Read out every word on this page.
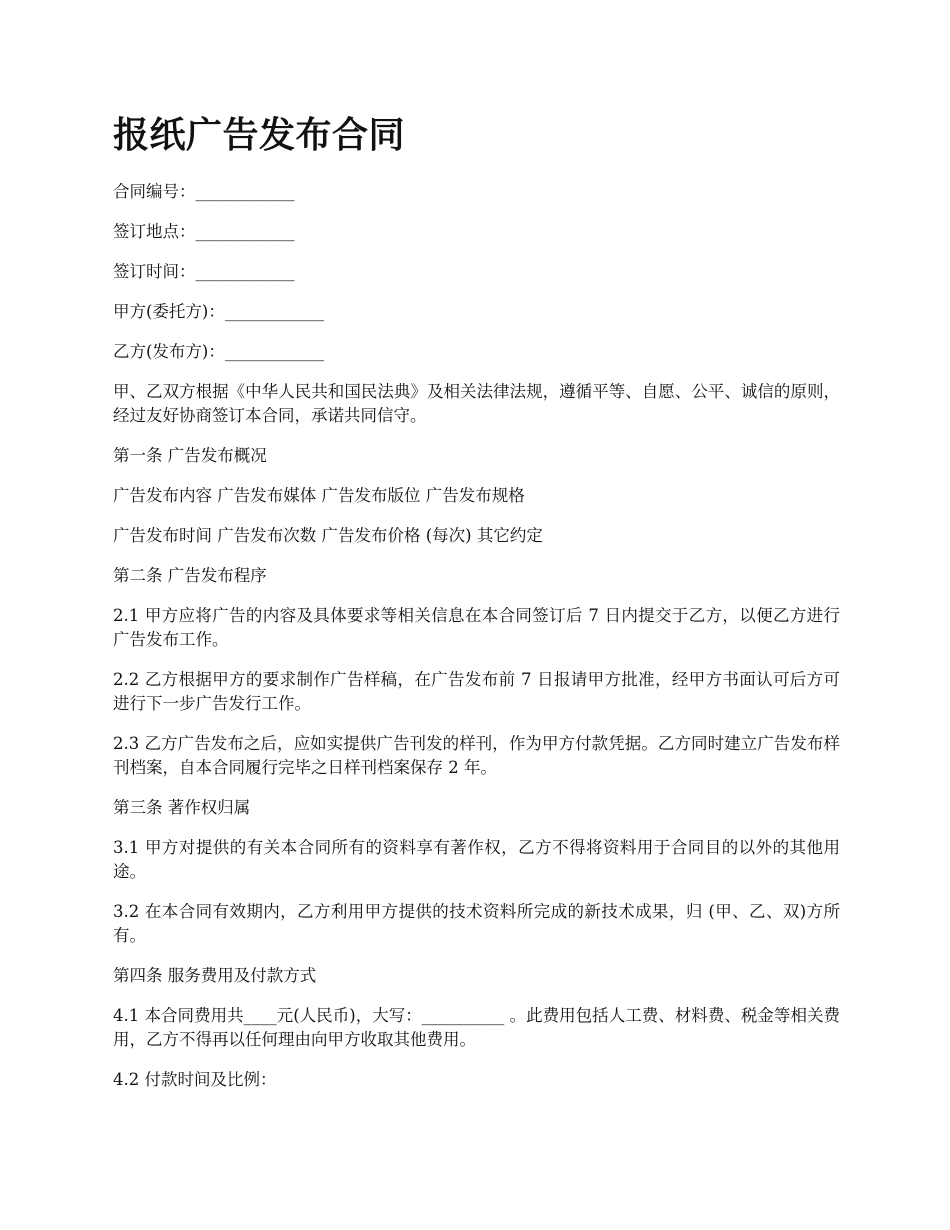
报纸广告发布合同

合同编号：____________

签订地点：____________

签订时间：____________

甲方(委托方)：____________

乙方(发布方)：____________

甲、乙双方根据《中华人民共和国民法典》及相关法律法规，遵循平等、自愿、公平、诚信的原则，经过友好协商签订本合同，承诺共同信守。

第一条 广告发布概况

广告发布内容 广告发布媒体 广告发布版位 广告发布规格

广告发布时间 广告发布次数 广告发布价格 (每次) 其它约定

第二条 广告发布程序

2.1 甲方应将广告的内容及具体要求等相关信息在本合同签订后 7 日内提交于乙方，以便乙方进行广告发布工作。

2.2 乙方根据甲方的要求制作广告样稿，在广告发布前 7 日报请甲方批准，经甲方书面认可后方可进行下一步广告发行工作。

2.3 乙方广告发布之后，应如实提供广告刊发的样刊，作为甲方付款凭据。乙方同时建立广告发布样刊档案，自本合同履行完毕之日样刊档案保存 2 年。

第三条 著作权归属

3.1 甲方对提供的有关本合同所有的资料享有著作权，乙方不得将资料用于合同目的以外的其他用途。

3.2 在本合同有效期内，乙方利用甲方提供的技术资料所完成的新技术成果，归 (甲、乙、双)方所有。

第四条 服务费用及付款方式

4.1 本合同费用共____元(人民币)，大写：__________ 。此费用包括人工费、材料费、税金等相关费用，乙方不得再以任何理由向甲方收取其他费用。

4.2 付款时间及比例：
